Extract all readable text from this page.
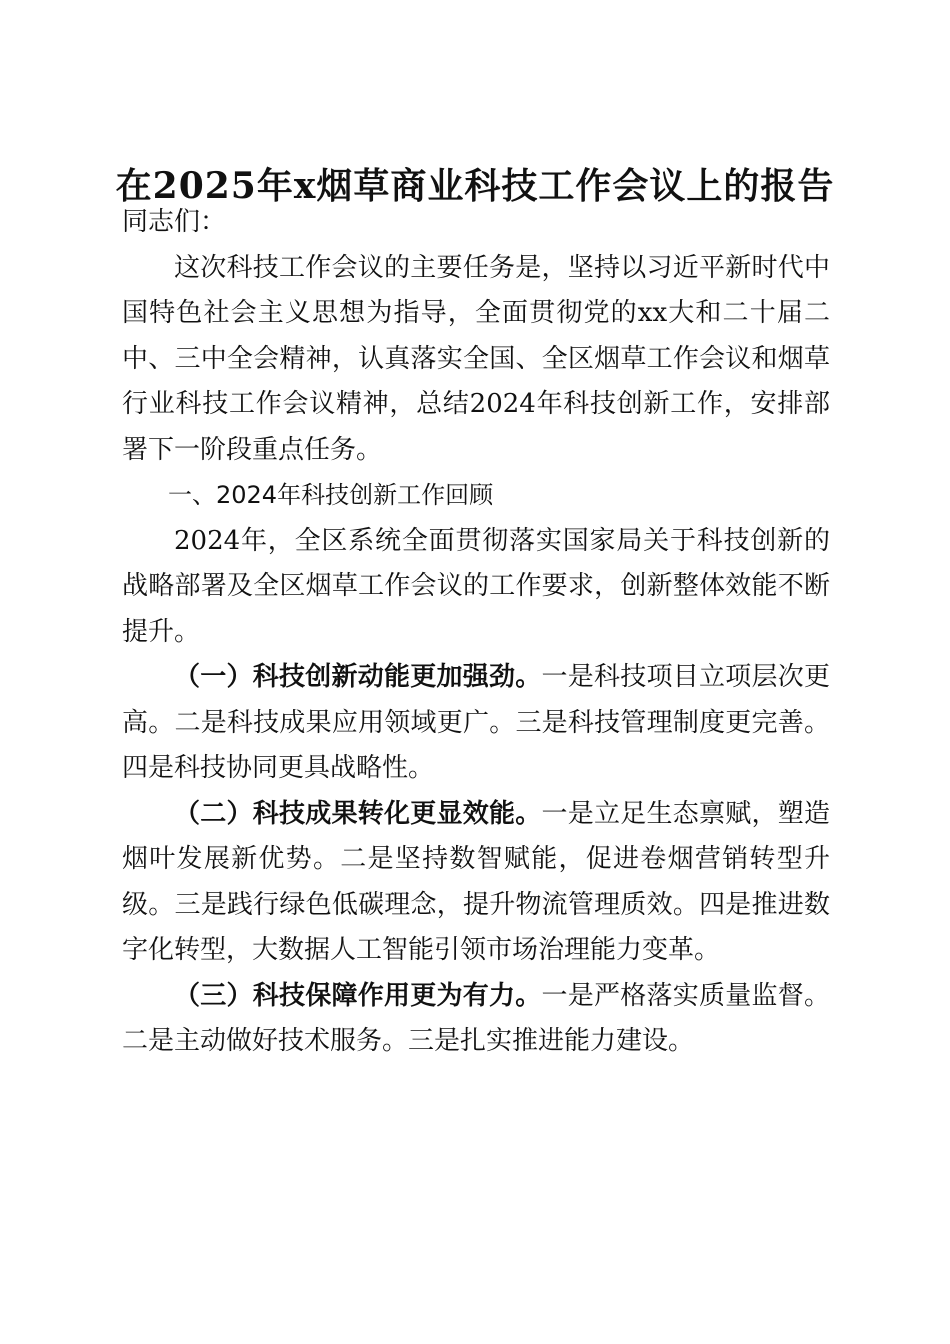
在2025年x烟草商业科技工作会议上的报告

同志们：

这次科技工作会议的主要任务是，坚持以习近平新时代中国特色社会主义思想为指导，全面贯彻党的xx大和二十届二中、三中全会精神，认真落实全国、全区烟草工作会议和烟草行业科技工作会议精神，总结2024年科技创新工作，安排部署下一阶段重点任务。

一、2024年科技创新工作回顾

2024年，全区系统全面贯彻落实国家局关于科技创新的战略部署及全区烟草工作会议的工作要求，创新整体效能不断提升。

（一）科技创新动能更加强劲。一是科技项目立项层次更高。二是科技成果应用领域更广。三是科技管理制度更完善。四是科技协同更具战略性。

（二）科技成果转化更显效能。一是立足生态禀赋，塑造烟叶发展新优势。二是坚持数智赋能，促进卷烟营销转型升级。三是践行绿色低碳理念，提升物流管理质效。四是推进数字化转型，大数据人工智能引领市场治理能力变革。

（三）科技保障作用更为有力。一是严格落实质量监督。二是主动做好技术服务。三是扎实推进能力建设。
